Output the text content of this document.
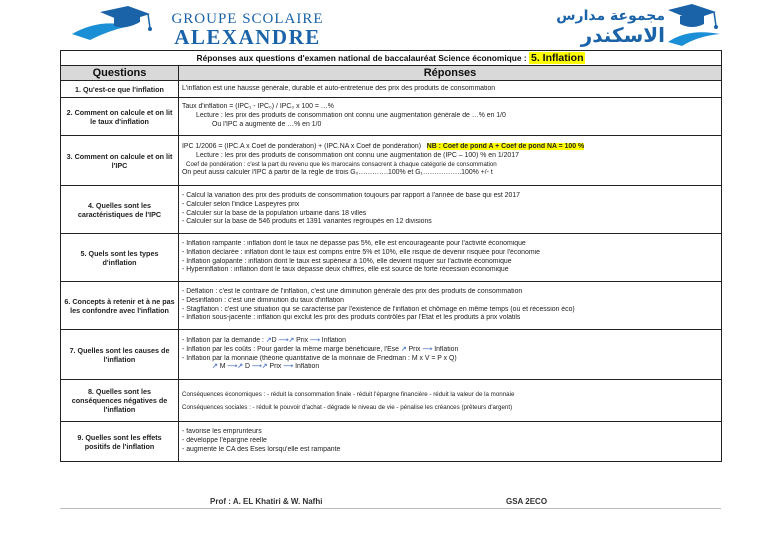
GROUPE SCOLAIRE
ALEXANDRE
مجموعة مدارس
الاسكندر
Réponses aux questions d'examen national de baccalauréat Science économique : 5. Inflation	
Questions	Réponses
1. Qu'est-ce que l'inflation	L'inflation est une hausse générale, durable et auto-entretenue des prix des produits de consommation

2. Comment on calcule et on lit le taux d'inflation	Taux d'inflation = (IPC₁ - IPC₀) / IPC₀ x 100 = …%
Lecture : les prix des produits de consommation ont connu une augmentation générale de …% en 1/0
Ou l'IPC a augmenté de …% en 1/0

3. Comment on calcule et on lit l'IPC	IPC 1/2006 = (IPC.A x Coef de pondération) + (IPC.NA x Coef de pondération) NB : Coef de pond A + Coef de pond NA = 100 %
Lecture : les prix des produits de consommation ont connu une augmentation de (IPC – 100) % en 1/2017
Coef de pondération : c'est la part du revenu que les marocains consacrent à chaque catégorie de consommation
On peut aussi calculer l'IPC à partir de la règle de trois G₀………….100% et G₁……………..100% +/- t

4. Quelles sont les caractéristiques de l'IPC	- Calcul la variation des prix des produits de consommation toujours par rapport à l'année de base qui est 2017
- Calculer selon l'indice Laspeyres prix
- Calculer sur la base de la population urbaine dans 18 villes
- Calculer sur la base de 546 produits et 1391 variantes regroupés en 12 divisions

5. Quels sont les types d'inflation	- Inflation rampante : inflation dont le taux ne dépasse pas 5%, elle est encourageante pour l'activité économique
- Inflation déclarée : inflation dont le taux est compris entre 5% et 10%, elle risque de devenir risquée pour l'économie
- Inflation galopante : inflation dont le taux est supérieur à 10%, elle devient risquer sur l'activité économique
- Hyperinflation : inflation dont le taux dépasse deux chiffres, elle est source de forte récession économique

6. Concepts à retenir et à ne pas les confondre avec l'inflation	- Déflation : c'est le contraire de l'inflation, c'est une diminution générale des prix des produits de consommation
- Désinflation : c'est une diminution du taux d'inflation
- Stagflation : c'est une situation qui se caractérise par l'existence de l'inflation et chômage en même temps (ou et récession éco)
- Inflation sous-jacente : inflation qui exclut les prix des produits contrôlés par l'État et les produits à prix volatils

7. Quelles sont les causes de l'inflation	- Inflation par la demande : ↗D ⟶↗ Prix ⟶ Inflation
- Inflation par les coûts : Pour garder la même marge bénéficiaire, l'Ese ↗ Prix ⟶ Inflation
- Inflation par la monnaie (théorie quantitative de la monnaie de Friedman : M x V = P x Q)
↗ M ⟶↗ D ⟶↗ Prix ⟶ Inflation

8. Quelles sont les conséquences négatives de l'inflation	Conséquences économiques : - réduit la consommation finale - réduit l'épargne financière - réduit la valeur de la monnaie
Conséquences sociales : - réduit le pouvoir d'achat - dégrade le niveau de vie - pénalise les créances (prêteurs d'argent)

9. Quelles sont les effets positifs de l'inflation	- favorise les emprunteurs
- développe l'épargne réelle
- augmente le CA des Eses lorsqu'elle est rampante
Prof : A. EL Khatiri & W. Nafhi	GSA 2ECO
